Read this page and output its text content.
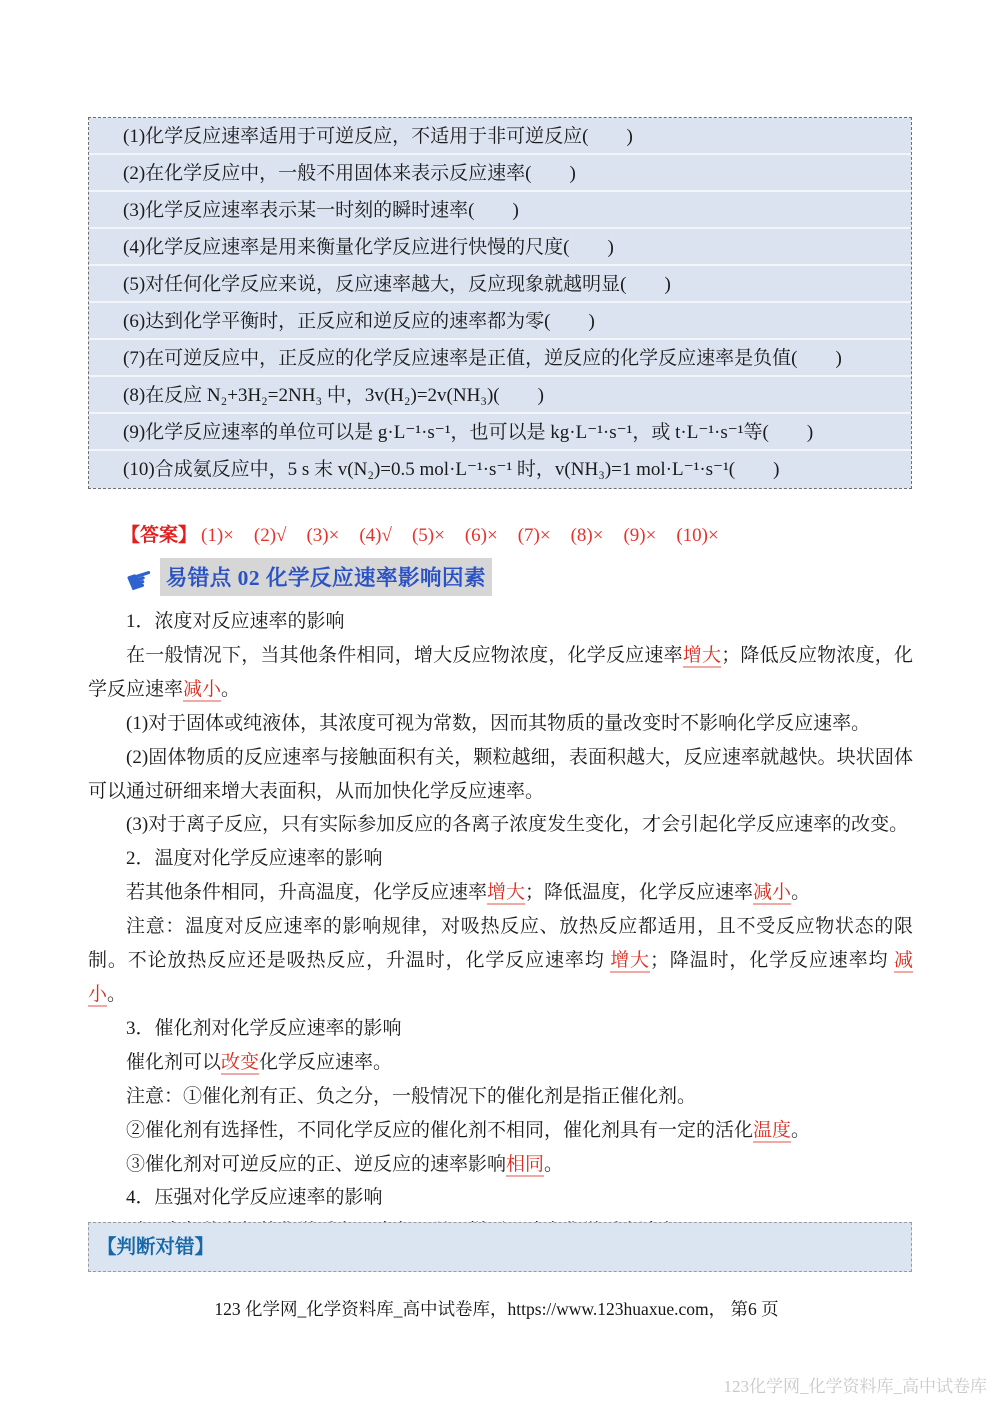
(1)化学反应速率适用于可逆反应，不适用于非可逆反应(　　)
(2)在化学反应中，一般不用固体来表示反应速率(　　)
(3)化学反应速率表示某一时刻的瞬时速率(　　)
(4)化学反应速率是用来衡量化学反应进行快慢的尺度(　　)
(5)对任何化学反应来说，反应速率越大，反应现象就越明显(　　)
(6)达到化学平衡时，正反应和逆反应的速率都为零(　　)
(7)在可逆反应中，正反应的化学反应速率是正值，逆反应的化学反应速率是负值(　　)
(8)在反应 N₂+3H₂=2NH₃ 中，3v(H₂)=2v(NH₃)(　　)
(9)化学反应速率的单位可以是 g·L⁻¹·s⁻¹，也可以是 kg·L⁻¹·s⁻¹，或 t·L⁻¹·s⁻¹等(　　)
(10)合成氨反应中，5 s 末 v(N₂)=0.5 mol·L⁻¹·s⁻¹ 时，v(NH₃)=1 mol·L⁻¹·s⁻¹(　　)
【答案】 (1)× (2)√ (3)× (4)√ (5)× (6)× (7)× (8)× (9)× (10)×
☛ 易错点 02 化学反应速率影响因素

1．浓度对反应速率的影响

在一般情况下，当其他条件相同，增大反应物浓度，化学反应速率增大；降低反应物浓度，化学反应速率减小。

(1)对于固体或纯液体，其浓度可视为常数，因而其物质的量改变时不影响化学反应速率。

(2)固体物质的反应速率与接触面积有关，颗粒越细，表面积越大，反应速率就越快。块状固体可以通过研细来增大表面积，从而加快化学反应速率。

(3)对于离子反应，只有实际参加反应的各离子浓度发生变化，才会引起化学反应速率的改变。

2．温度对化学反应速率的影响

若其他条件相同，升高温度，化学反应速率增大；降低温度，化学反应速率减小。

注意：温度对反应速率的影响规律，对吸热反应、放热反应都适用，且不受反应物状态的限制。不论放热反应还是吸热反应，升温时，化学反应速率均 增大；降温时，化学反应速率均 减小。

3．催化剂对化学反应速率的影响

催化剂可以改变化学反应速率。

注意：①催化剂有正、负之分，一般情况下的催化剂是指正催化剂。

②催化剂有选择性，不同化学反应的催化剂不相同，催化剂具有一定的活化温度。

③催化剂对可逆反应的正、逆反应的速率影响相同。

4．压强对化学反应速率的影响

【判断对错】
123 化学网_化学资料库_高中试卷库，https://www.123huaxue.com， 第6 页
123化学网_化学资料库_高中试卷库
